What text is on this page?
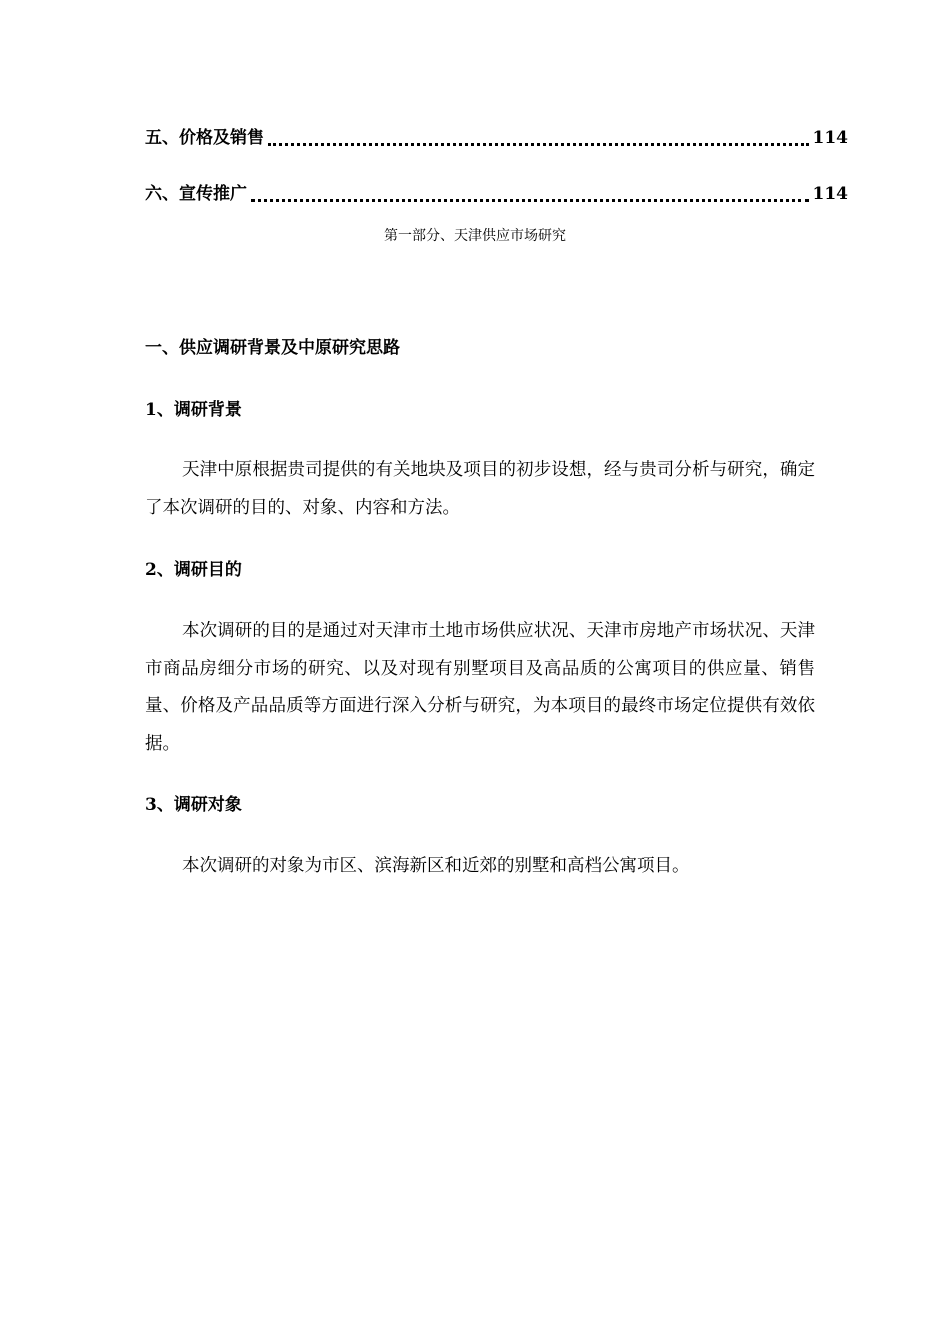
五、价格及销售	114
六、宣传推广	114
第一部分、天津供应市场研究
一、供应调研背景及中原研究思路
1、调研背景

天津中原根据贵司提供的有关地块及项目的初步设想，经与贵司分析与研究，确定了本次调研的目的、对象、内容和方法。

2、调研目的

本次调研的目的是通过对天津市土地市场供应状况、天津市房地产市场状况、天津市商品房细分市场的研究、以及对现有别墅项目及高品质的公寓项目的供应量、销售量、价格及产品品质等方面进行深入分析与研究，为本项目的最终市场定位提供有效依据。

3、调研对象

本次调研的对象为市区、滨海新区和近郊的别墅和高档公寓项目。
